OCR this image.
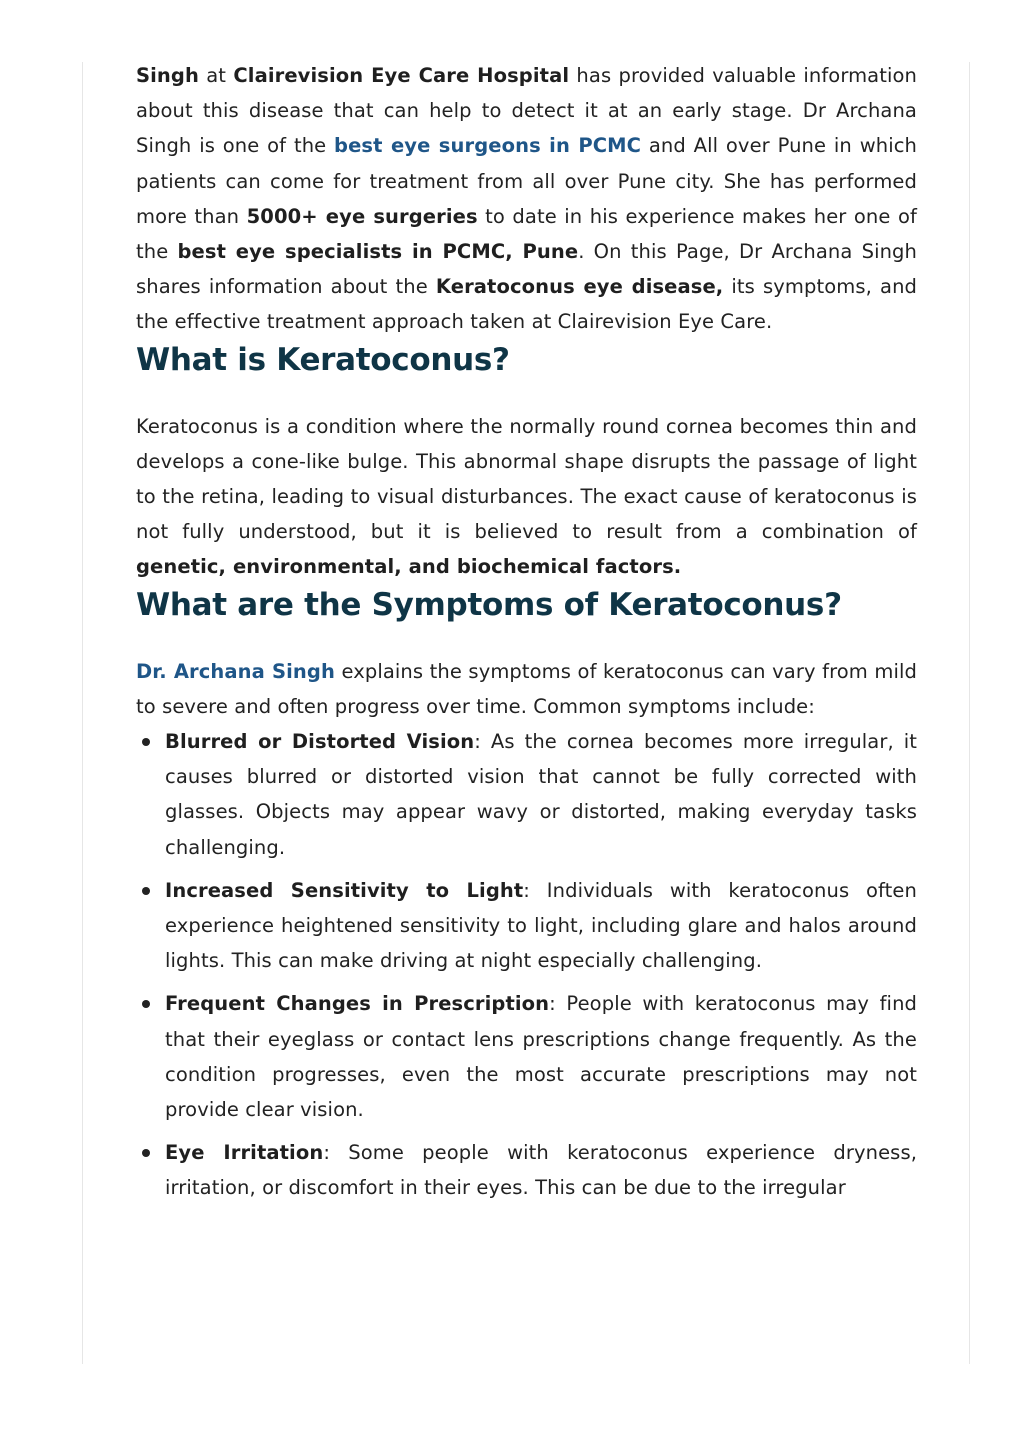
Singh at Clairevision Eye Care Hospital has provided valuable information about this disease that can help to detect it at an early stage. Dr Archana Singh is one of the best eye surgeons in PCMC and All over Pune in which patients can come for treatment from all over Pune city. She has performed more than 5000+ eye surgeries to date in his experience makes her one of the best eye specialists in PCMC, Pune. On this Page, Dr Archana Singh shares information about the Keratoconus eye disease, its symptoms, and the effective treatment approach taken at Clairevision Eye Care.

What is Keratoconus?

Keratoconus is a condition where the normally round cornea becomes thin and develops a cone-like bulge. This abnormal shape disrupts the passage of light to the retina, leading to visual disturbances. The exact cause of keratoconus is not fully understood, but it is believed to result from a combination of genetic, environmental, and biochemical factors.

What are the Symptoms of Keratoconus?

Dr. Archana Singh explains the symptoms of keratoconus can vary from mild to severe and often progress over time. Common symptoms include:

Blurred or Distorted Vision: As the cornea becomes more irregular, it causes blurred or distorted vision that cannot be fully corrected with glasses. Objects may appear wavy or distorted, making everyday tasks challenging.
Increased Sensitivity to Light: Individuals with keratoconus often experience heightened sensitivity to light, including glare and halos around lights. This can make driving at night especially challenging.
Frequent Changes in Prescription: People with keratoconus may find that their eyeglass or contact lens prescriptions change frequently. As the condition progresses, even the most accurate prescriptions may not provide clear vision.
Eye Irritation: Some people with keratoconus experience dryness, irritation, or discomfort in their eyes. This can be due to the irregular
